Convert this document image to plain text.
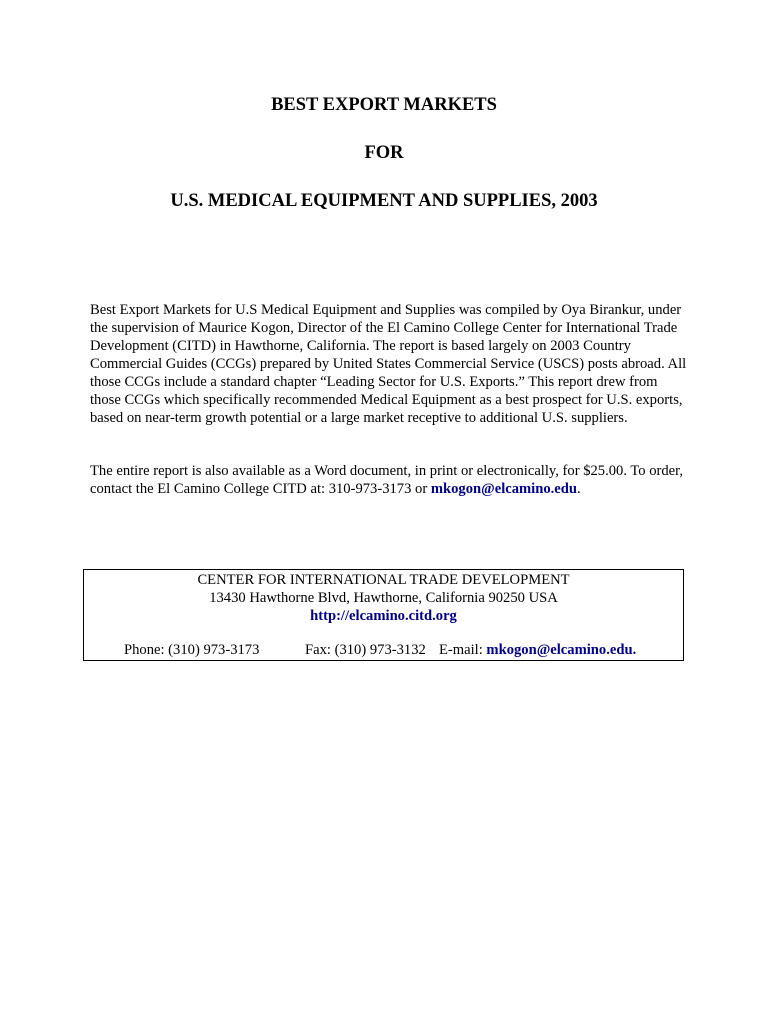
BEST EXPORT MARKETS
FOR
U.S. MEDICAL EQUIPMENT AND SUPPLIES, 2003

Best Export Markets for U.S Medical Equipment and Supplies was compiled by Oya Birankur, under the supervision of Maurice Kogon, Director of the El Camino College Center for International Trade Development (CITD) in Hawthorne, California. The report is based largely on 2003 Country Commercial Guides (CCGs) prepared by United States Commercial Service (USCS) posts abroad. All those CCGs include a standard chapter “Leading Sector for U.S. Exports.” This report drew from those CCGs which specifically recommended Medical Equipment as a best prospect for U.S. exports, based on near-term growth potential or a large market receptive to additional U.S. suppliers.

The entire report is also available as a Word document, in print or electronically, for $25.00. To order, contact the El Camino College CITD at: 310-973-3173 or mkogon@elcamino.edu.

CENTER FOR INTERNATIONAL TRADE DEVELOPMENT
13430 Hawthorne Blvd, Hawthorne, California 90250 USA
http://elcamino.citd.org
Phone: (310) 973-3173	Fax: (310) 973-3132 E-mail: mkogon@elcamino.edu.
